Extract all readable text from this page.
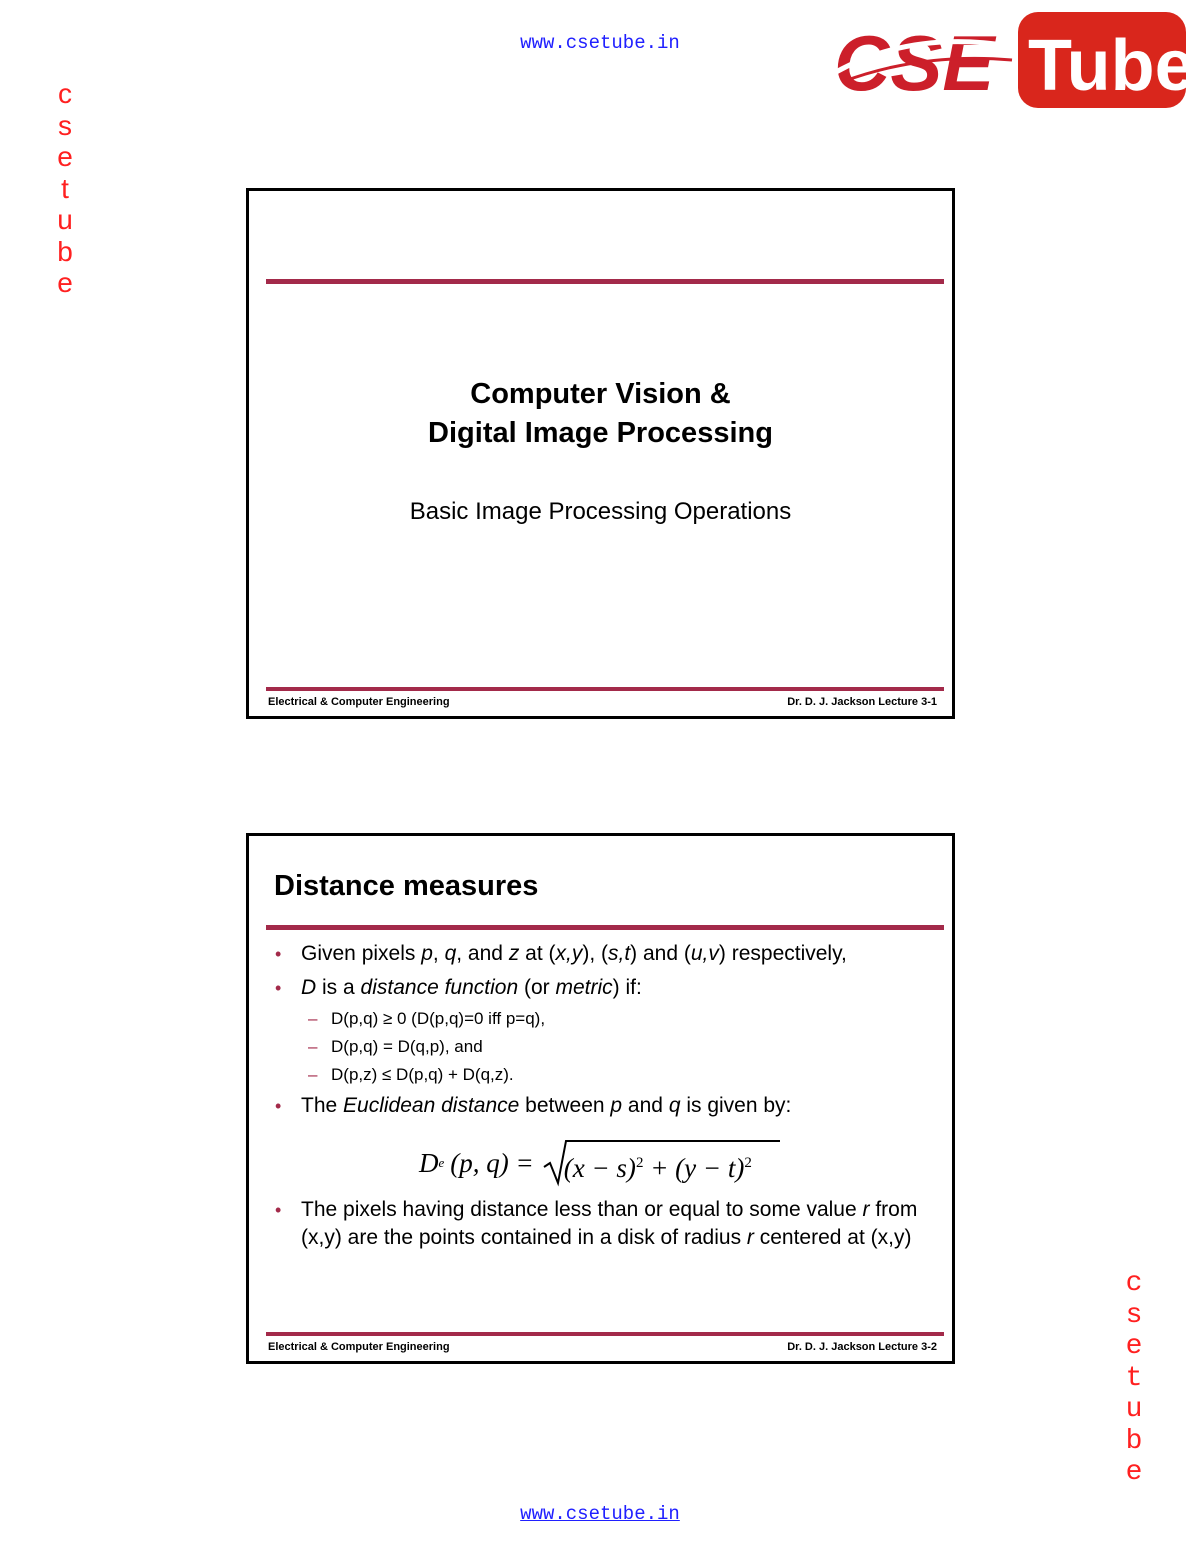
www.csetube.in
c
s
e
t
u
b
e
c
s
e
t
u
b
e
CSE Tube
Computer Vision &
Digital Image Processing
Basic Image Processing Operations
Electrical & Computer Engineering	Dr. D. J. Jackson Lecture 3-1
Distance measures
• Given pixels p, q, and z at (x,y), (s,t) and (u,v) respectively,
• D is a distance function (or metric) if:
– D(p,q) ≥ 0 (D(p,q)=0 iff p=q),
– D(p,q) = D(q,p), and
– D(p,z) ≤ D(p,q) + D(q,z).
• The Euclidean distance between p and q is given by:
D e (p, q) =	$(x - s)^2 + (y - t)^2$
• The pixels having distance less than or equal to some value r from (x,y) are the points contained in a disk of radius r centered at (x,y)
Electrical & Computer Engineering	Dr. D. J. Jackson Lecture 3-2
www.csetube.in
